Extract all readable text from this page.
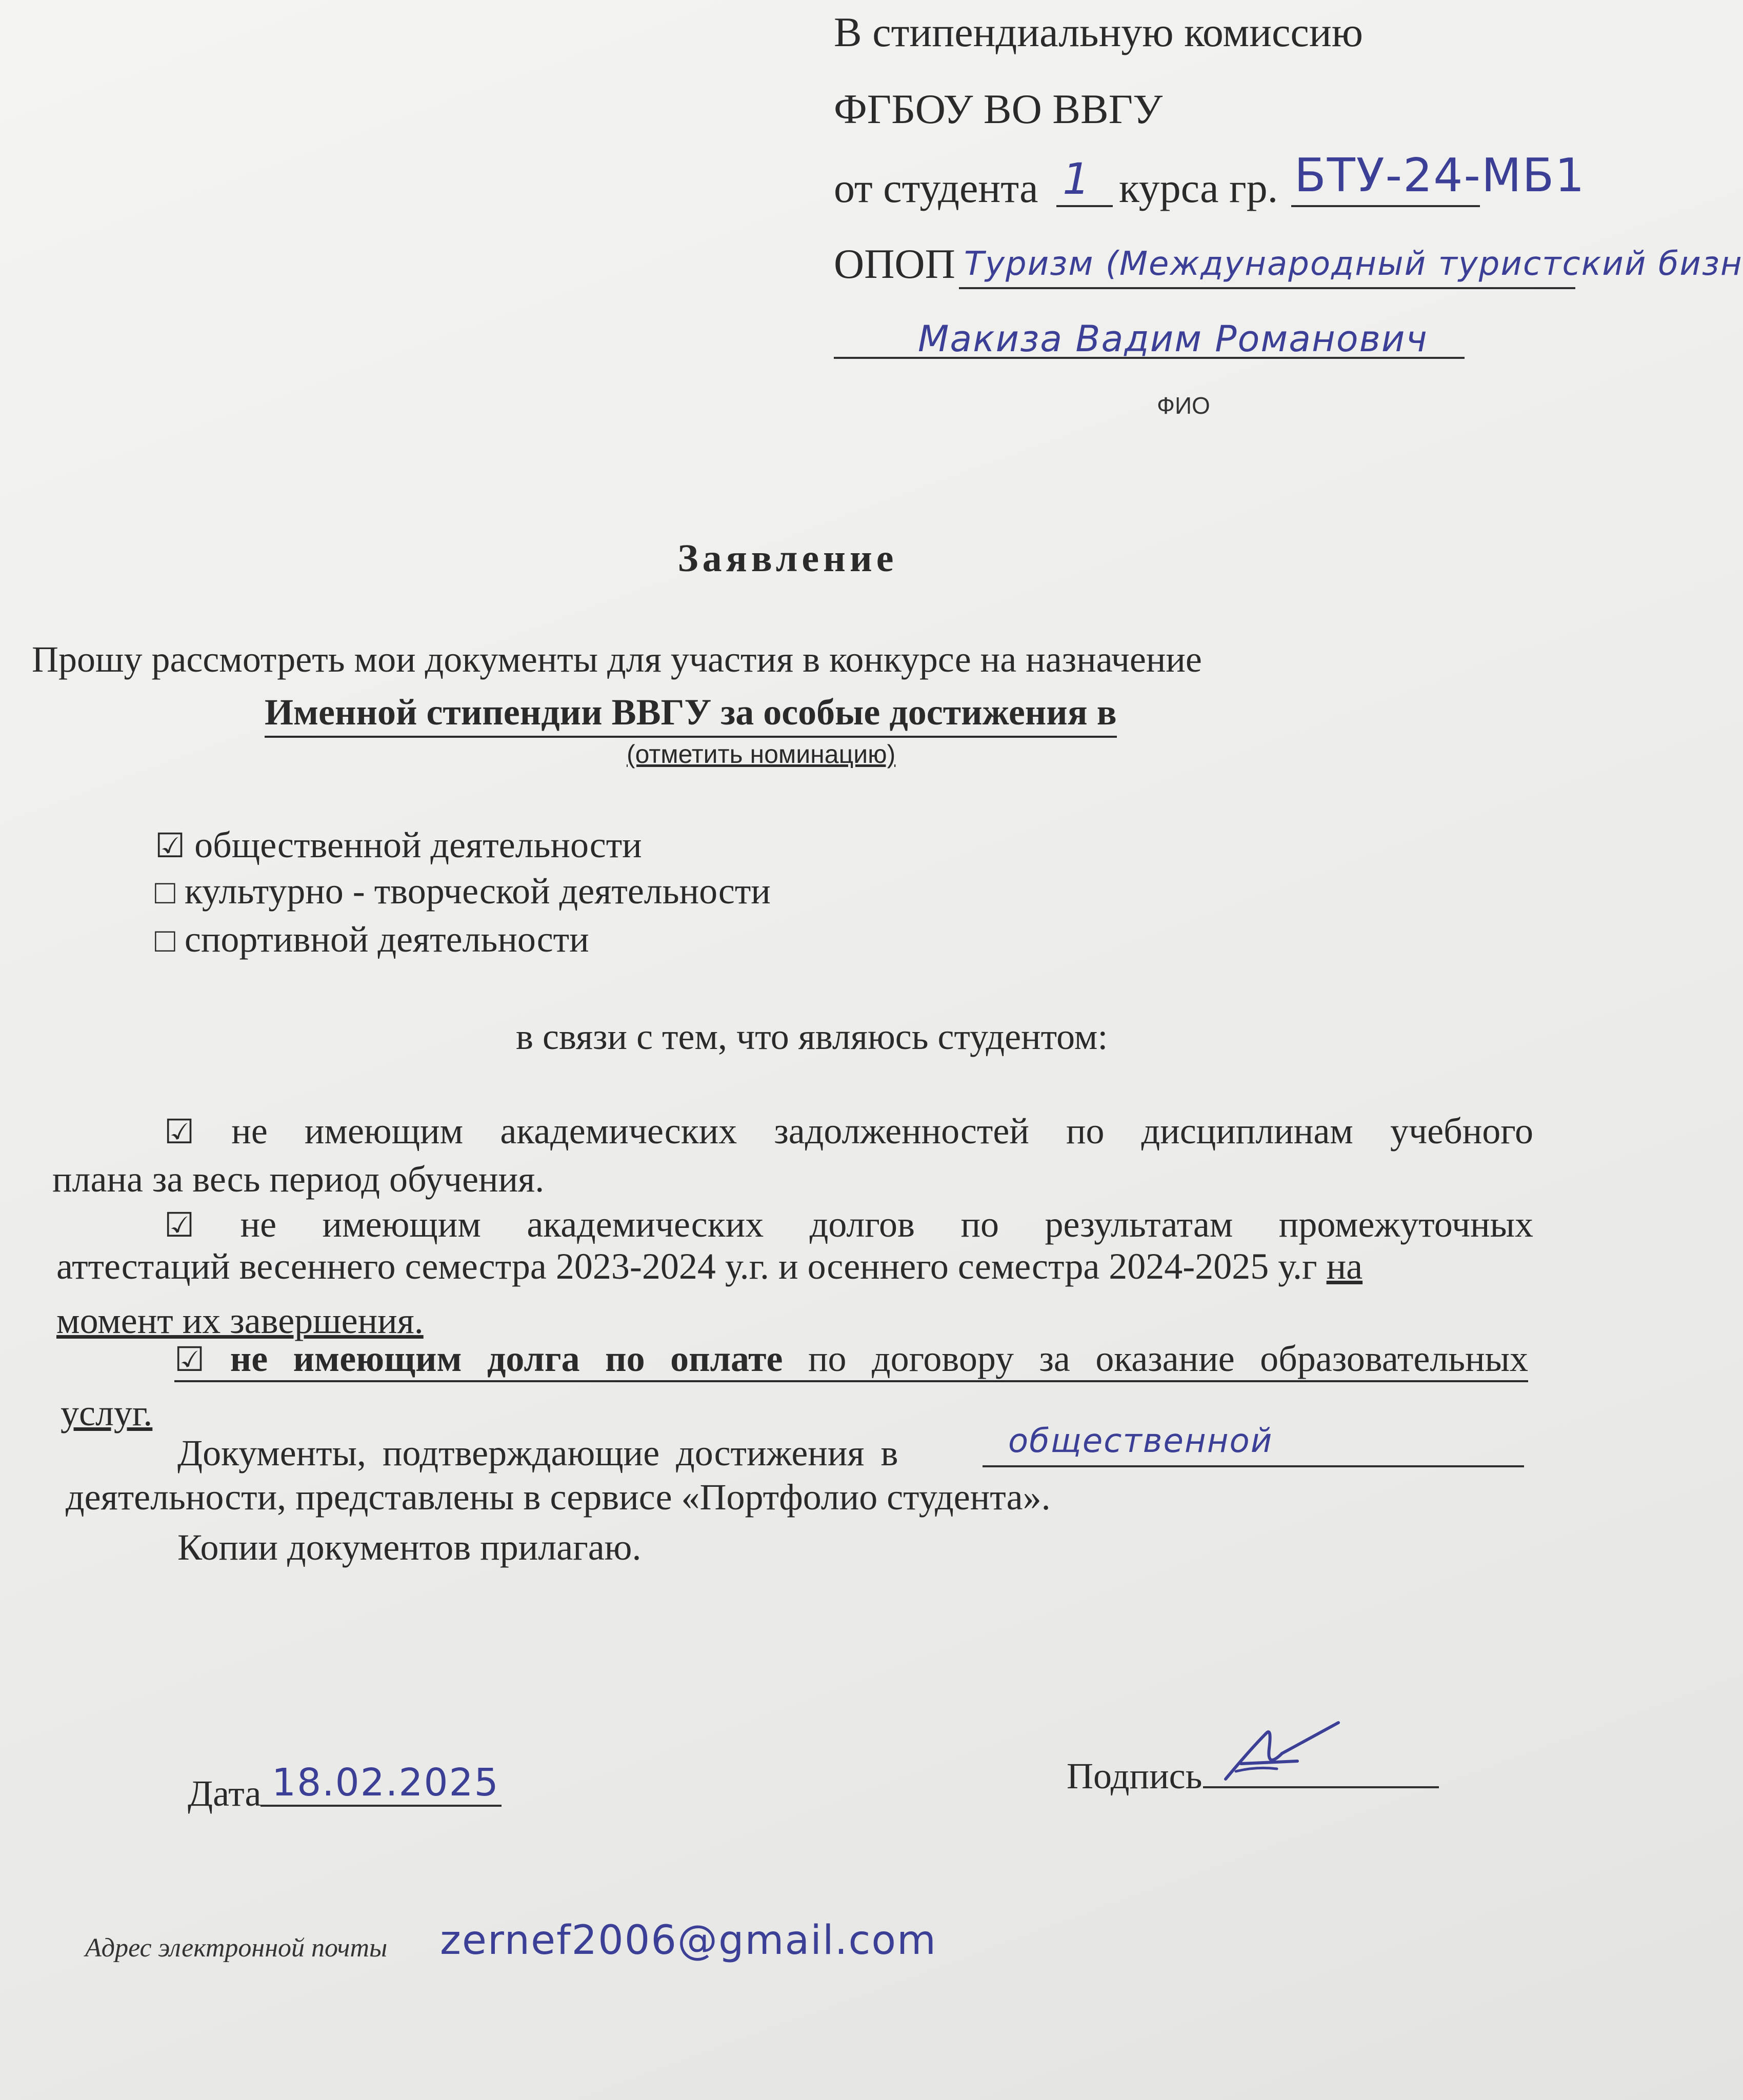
В стипендиальную комиссию
ФГБОУ ВО ВВГУ
от студента 1 курса гр. БТУ-24-МБ1
ОПОП Туризм (Международный туристский бизн
Макиза Вадим Романович
ФИО
Заявление
Прошу рассмотреть мои документы для участия в конкурсе на назначение
Именной стипендии ВВГУ за особые достижения в
(отметить номинацию)
☑ общественной деятельности
□ культурно - творческой деятельности
□ спортивной деятельности
в связи с тем, что являюсь студентом:
☑ не имеющим академических задолженностей по дисциплинам учебного
плана за весь период обучения.
☑ не имеющим академических долгов по результатам промежуточных
аттестаций весеннего семестра 2023-2024 у.г. и осеннего семестра 2024-2025 у.г на
момент их завершения.
☑ не имеющим долга по оплате по договору за оказание образовательных
услуг.
Документы, подтверждающие достижения в	общественной
деятельности, представлены в сервисе «Портфолио студента».
Копии документов прилагаю.
Дата 18.02.2025	Подпись
Адрес электронной почты zernef2006@gmail.com
